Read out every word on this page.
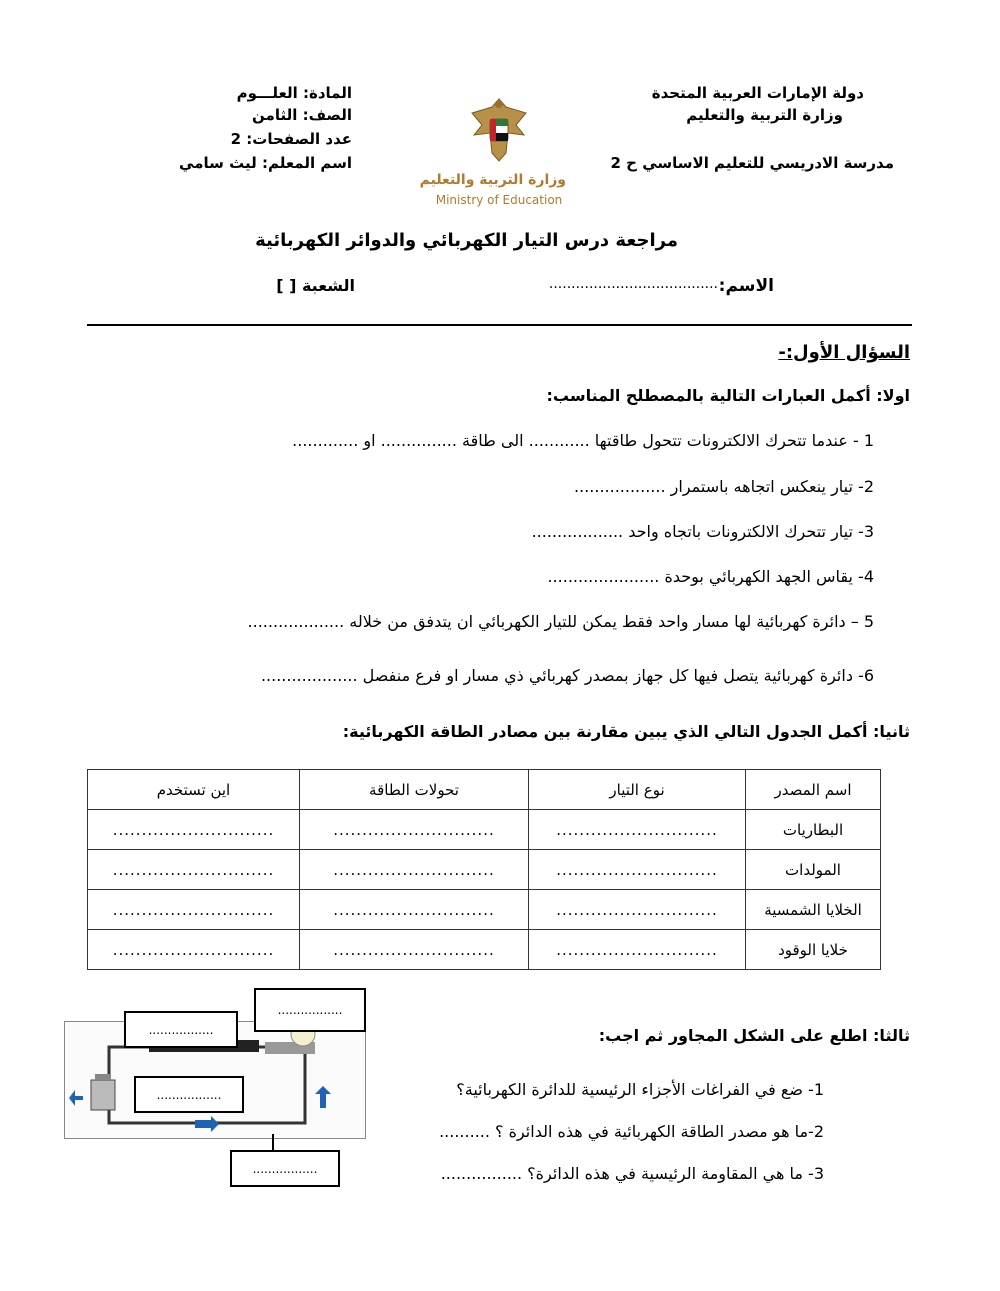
دولة الإمارات العربية المتحدة
وزارة التربية والتعليم
مدرسة الادريسي للتعليم الاساسي ح 2
المادة: العلـــوم
الصف: الثامن
عدد الصفحات: 2
اسم المعلم: ليث سامي
وزارة التربية والتعليم
Ministry of Education
مراجعة درس التيار الكهربائي والدوائر الكهربائية
الاسم:
......................................
الشعبة [ ]
السؤال الأول:-
اولا: أكمل العبارات التالية بالمصطلح المناسب:
1 - عندما تتحرك الالكترونات تتحول طاقتها ............ الى طاقة ............... او .............
2- تيار ينعكس اتجاهه باستمرار ..................
3- تيار تتحرك الالكترونات باتجاه واحد ..................
4- يقاس الجهد الكهربائي بوحدة ......................
5 – دائرة كهربائية لها مسار واحد فقط يمكن للتيار الكهربائي ان يتدفق من خلاله ...................
6- دائرة كهربائية يتصل فيها كل جهاز بمصدر كهربائي ذي مسار او فرع منفصل ...................
ثانيا: أكمل الجدول التالي الذي يبين مقارنة بين مصادر الطاقة الكهربائية:
اسم المصدر	نوع التيار	تحولات الطاقة	اين تستخدم
البطاريات	............................	............................	............................
المولدات	............................	............................	............................
الخلايا الشمسية	............................	............................	............................
خلايا الوقود	............................	............................	............................
ثالثا: اطلع على الشكل المجاور ثم اجب:
1- ضع في الفراغات الأجزاء الرئيسية للدائرة الكهربائية؟
2-ما هو مصدر الطاقة الكهربائية في هذه الدائرة ؟ ..........
3- ما هي المقاومة الرئيسية في هذه الدائرة؟ ................
.................
.................
.................
.................
